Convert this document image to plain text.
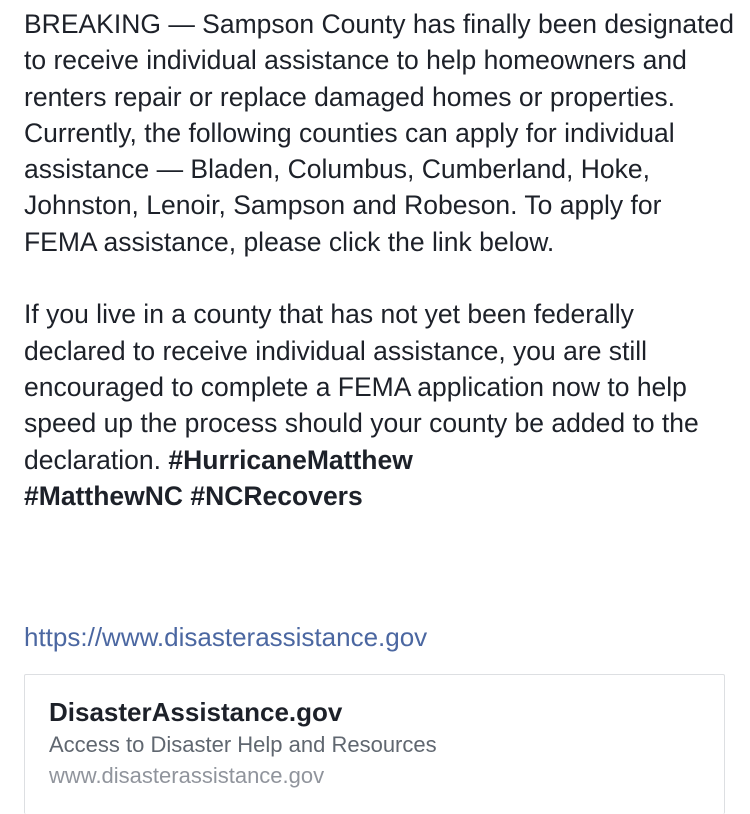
BREAKING — Sampson County has finally been designated to receive individual assistance to help homeowners and renters repair or replace damaged homes or properties. Currently, the following counties can apply for individual assistance — Bladen, Columbus, Cumberland, Hoke, Johnston, Lenoir, Sampson and Robeson. To apply for FEMA assistance, please click the link below.

If you live in a county that has not yet been federally declared to receive individual assistance, you are still encouraged to complete a FEMA application now to help speed up the process should your county be added to the declaration. #HurricaneMatthew
#MatthewNC #NCRecovers

https://www.disasterassistance.gov
DisasterAssistance.gov
Access to Disaster Help and Resources
www.disasterassistance.gov
